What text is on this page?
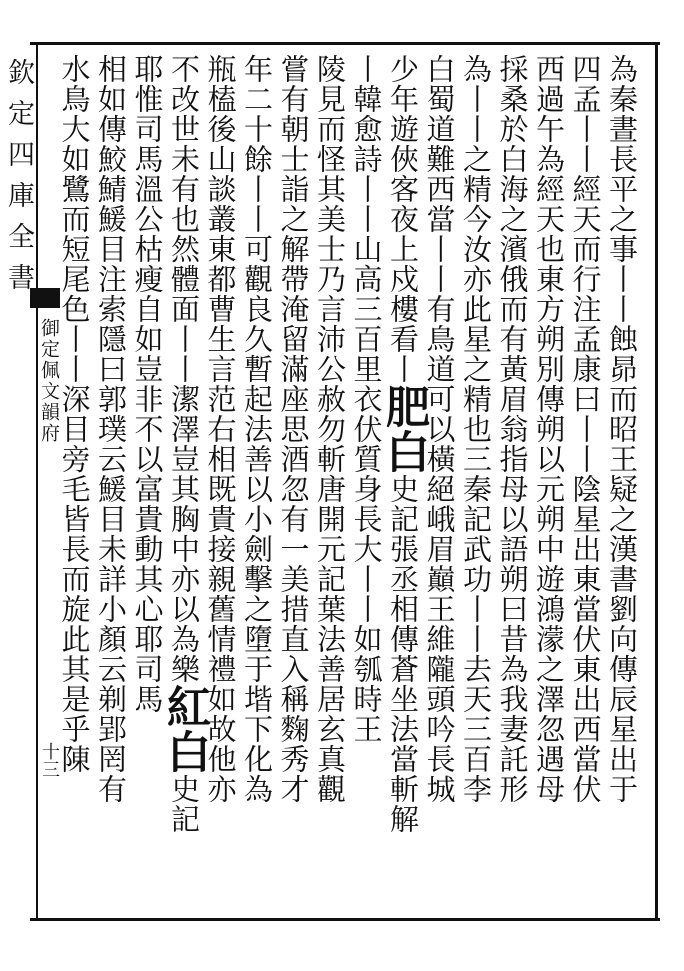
欽定四庫全書
御定佩文韻府
十三	為秦晝長平之事丨丨蝕昴而昭王疑之漢書劉向傳辰星出于
四孟丨丨經天而行注孟康曰丨丨陰星出東當伏東出西當伏
西過午為經天也東方朔別傳朔以元朔中遊鴻濛之澤忽遇母
採桑於白海之濱俄而有黃眉翁指母以語朔曰昔為我妻託形
為丨丨之精今汝亦此星之精也三秦記武功丨丨去天三百李
白蜀道難西當丨丨有鳥道可以橫絕峨眉巔王維隴頭吟長城
少年遊俠客夜上戍樓看丨肥白史記張丞相傳蒼坐法當斬解
丨韓愈詩丨丨山高三百里衣伏質身長大丨丨如瓠時王
陵見而怪其美士乃言沛公赦勿斬唐開元記葉法善居玄真觀
嘗有朝士詣之解帶淹留滿座思酒忽有一美措直入稱麴秀才
年二十餘丨丨可觀良久暫起法善以小劍擊之墮于堦下化為
瓶榼後山談叢東都曹生言范右相既貴接親舊情禮如故他亦
不改世未有也然體面丨丨潔澤豈其胸中亦以為樂紅白史記
耶惟司馬溫公枯瘦自如豈非不以富貴動其心耶司馬
相如傳鮫鯖鰀目注索隱曰郭璞云鰀目未詳小顏云剃郢罔有
水鳥大如鷺而短尾色丨丨深目旁毛皆長而旋此其是乎陳
